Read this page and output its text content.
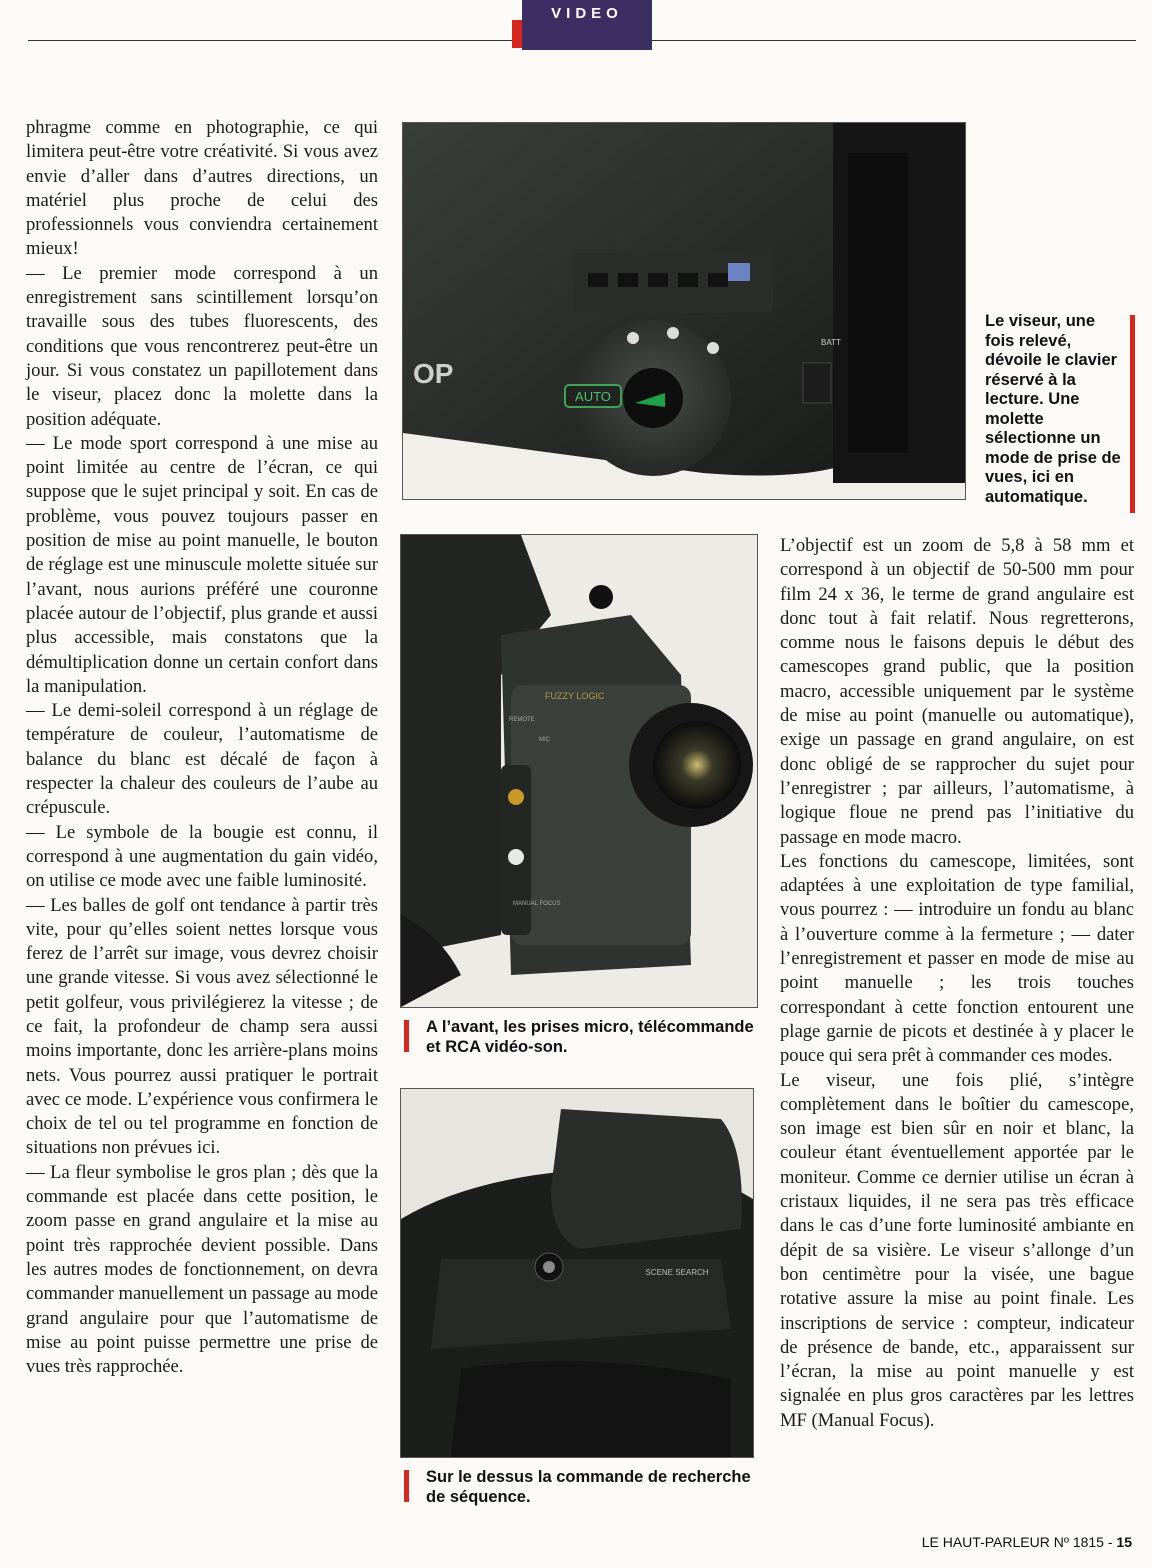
VIDEO

phragme comme en photographie, ce qui limitera peut-être votre créativité. Si vous avez envie d’aller dans d’autres directions, un matériel plus proche de celui des professionnels vous conviendra certainement mieux!

— Le premier mode correspond à un enregistrement sans scintillement lorsqu’on travaille sous des tubes fluorescents, des conditions que vous rencontrerez peut-être un jour. Si vous constatez un papillotement dans le viseur, placez donc la molette dans la position adéquate.

— Le mode sport correspond à une mise au point limitée au centre de l’écran, ce qui suppose que le sujet principal y soit. En cas de problème, vous pouvez toujours passer en position de mise au point manuelle, le bouton de réglage est une minuscule molette située sur l’avant, nous aurions préféré une couronne placée autour de l’objectif, plus grande et aussi plus accessible, mais constatons que la démultiplication donne un certain confort dans la manipulation.

— Le demi-soleil correspond à un réglage de température de couleur, l’automatisme de balance du blanc est décalé de façon à respecter la chaleur des couleurs de l’aube au crépuscule.

— Le symbole de la bougie est connu, il correspond à une augmentation du gain vidéo, on utilise ce mode avec une faible luminosité.

— Les balles de golf ont tendance à partir très vite, pour qu’elles soient nettes lorsque vous ferez de l’arrêt sur image, vous devrez choisir une grande vitesse. Si vous avez sélectionné le petit golfeur, vous privilégierez la vitesse ; de ce fait, la profondeur de champ sera aussi moins importante, donc les arrière-plans moins nets. Vous pourrez aussi pratiquer le portrait avec ce mode. L’expérience vous confirmera le choix de tel ou tel programme en fonction de situations non prévues ici.

— La fleur symbolise le gros plan ; dès que la commande est placée dans cette position, le zoom passe en grand angulaire et la mise au point très rapprochée devient possible. Dans les autres modes de fonctionnement, on devra commander manuellement un passage au mode grand angulaire pour que l’automatisme de mise au point puisse permettre une prise de vues très rapprochée.

AUTO
OP
BATT
Le viseur, une fois relevé, dévoile le clavier réservé à la lecture. Une molette sélectionne un mode de prise de vues, ici en automatique.
FUZZY LOGIC
REMOTE
MIC
MANUAL FOCUS
A l’avant, les prises micro, télécommande et RCA vidéo-son.
SCENE SEARCH
Sur le dessus la commande de recherche de séquence.

L’objectif est un zoom de 5,8 à 58 mm et correspond à un objectif de 50-500 mm pour film 24 x 36, le terme de grand angulaire est donc tout à fait relatif. Nous regretterons, comme nous le faisons depuis le début des camescopes grand public, que la position macro, accessible uniquement par le système de mise au point (manuelle ou automatique), exige un passage en grand angulaire, on est donc obligé de se rapprocher du sujet pour l’enregistrer ; par ailleurs, l’automatisme, à logique floue ne prend pas l’initiative du passage en mode macro.

Les fonctions du camescope, limitées, sont adaptées à une exploitation de type familial, vous pourrez : — introduire un fondu au blanc à l’ouverture comme à la fermeture ; — dater l’enregistrement et passer en mode de mise au point manuelle ; les trois touches correspondant à cette fonction entourent une plage garnie de picots et destinée à y placer le pouce qui sera prêt à commander ces modes.

Le viseur, une fois plié, s’intègre complètement dans le boîtier du camescope, son image est bien sûr en noir et blanc, la couleur étant éventuellement apportée par le moniteur. Comme ce dernier utilise un écran à cristaux liquides, il ne sera pas très efficace dans le cas d’une forte luminosité ambiante en dépit de sa visière. Le viseur s’allonge d’un bon centimètre pour la visée, une bague rotative assure la mise au point finale. Les inscriptions de service : compteur, indicateur de présence de bande, etc., apparaissent sur l’écran, la mise au point manuelle y est signalée en plus gros caractères par les lettres MF (Manual Focus).

LE HAUT-PARLEUR Nº 1815 - 15
